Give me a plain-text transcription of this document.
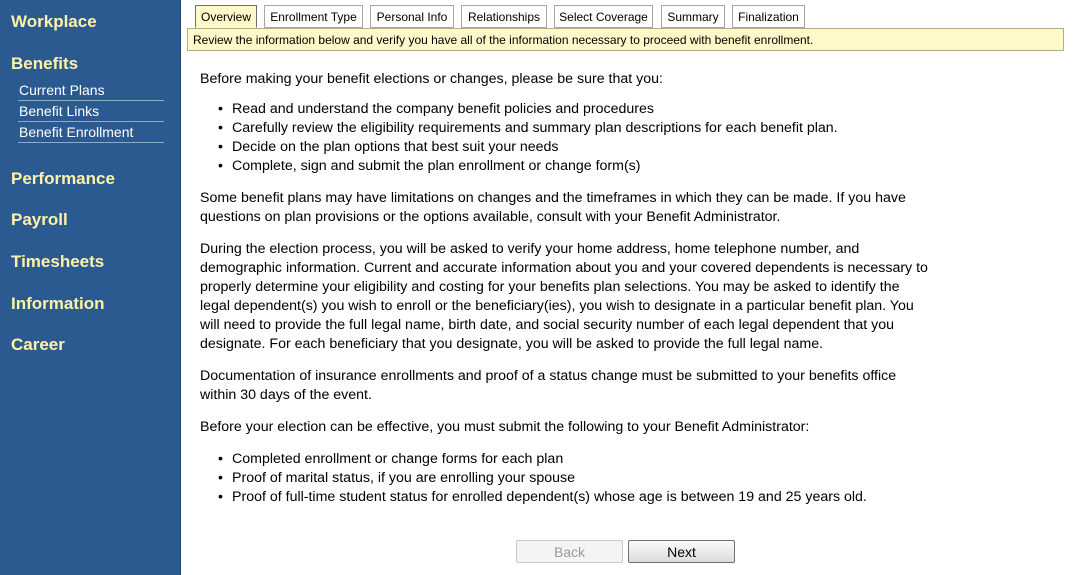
Workplace
Benefits
Current Plans
Benefit Links
Benefit Enrollment
Performance
Payroll
Timesheets
Information
Career
Overview	Enrollment Type	Personal Info	Relationships	Select Coverage	Summary	Finalization
Review the information below and verify you have all of the information necessary to proceed with benefit enrollment.

Before making your benefit elections or changes, please be sure that you:

• Read and understand the company benefit policies and procedures
• Carefully review the eligibility requirements and summary plan descriptions for each benefit plan.
• Decide on the plan options that best suit your needs
• Complete, sign and submit the plan enrollment or change form(s)

Some benefit plans may have limitations on changes and the timeframes in which they can be made. If you have questions on plan provisions or the options available, consult with your Benefit Administrator.

During the election process, you will be asked to verify your home address, home telephone number, and demographic information. Current and accurate information about you and your covered dependents is necessary to properly determine your eligibility and costing for your benefits plan selections. You may be asked to identify the legal dependent(s) you wish to enroll or the beneficiary(ies), you wish to designate in a particular benefit plan. You will need to provide the full legal name, birth date, and social security number of each legal dependent that you designate. For each beneficiary that you designate, you will be asked to provide the full legal name.

Documentation of insurance enrollments and proof of a status change must be submitted to your benefits office within 30 days of the event.

Before your election can be effective, you must submit the following to your Benefit Administrator:

• Completed enrollment or change forms for each plan
• Proof of marital status, if you are enrolling your spouse
• Proof of full-time student status for enrolled dependent(s) whose age is between 19 and 25 years old.
Back	Next
